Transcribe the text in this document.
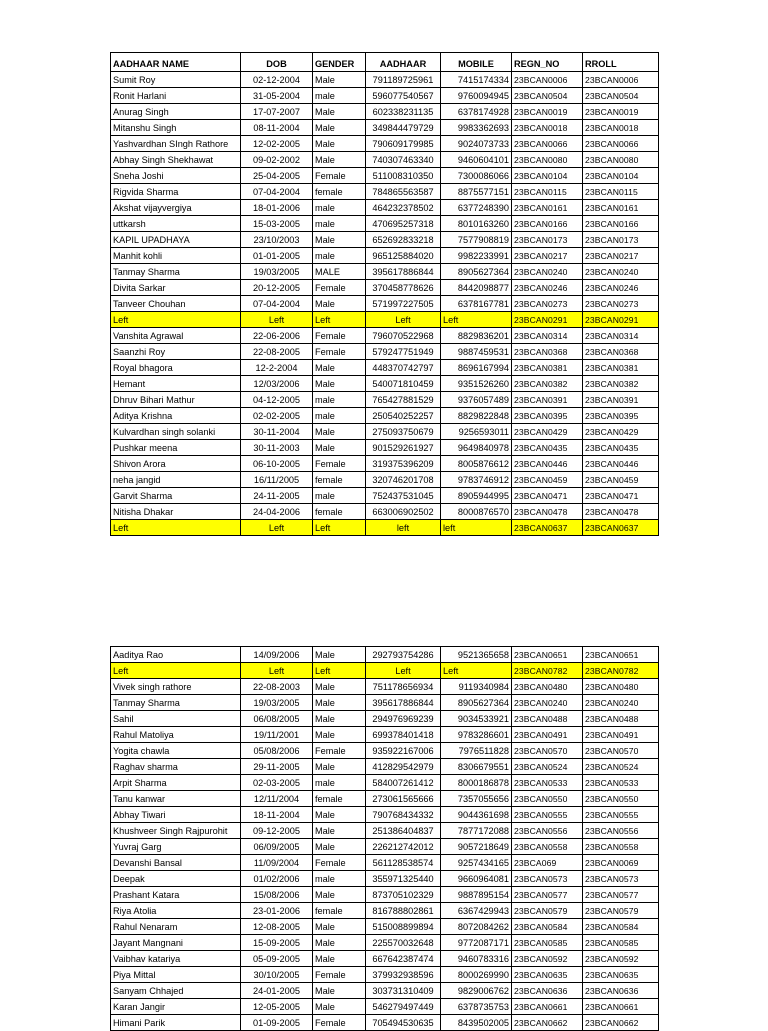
AADHAAR NAME	DOB	GENDER	AADHAAR	MOBILE	REGN_NO	RROLL
Sumit Roy	02-12-2004	Male	791189725961	7415174334	23BCAN0006	23BCAN0006
Ronit Harlani	31-05-2004	male	596077540567	9760094945	23BCAN0504	23BCAN0504
Anurag Singh	17-07-2007	Male	602338231135	6378174928	23BCAN0019	23BCAN0019
Mitanshu Singh	08-11-2004	Male	349844479729	9983362693	23BCAN0018	23BCAN0018
Yashvardhan SIngh Rathore	12-02-2005	Male	790609179985	9024073733	23BCAN0066	23BCAN0066
Abhay Singh Shekhawat	09-02-2002	Male	740307463340	9460604101	23BCAN0080	23BCAN0080
Sneha Joshi	25-04-2005	Female	511008310350	7300086066	23BCAN0104	23BCAN0104
Rigvida Sharma	07-04-2004	female	784865563587	8875577151	23BCAN0115	23BCAN0115
Akshat vijayvergiya	18-01-2006	male	464232378502	6377248390	23BCAN0161	23BCAN0161
uttkarsh	15-03-2005	male	470695257318	8010163260	23BCAN0166	23BCAN0166
KAPIL UPADHAYA	23/10/2003	Male	652692833218	7577908819	23BCAN0173	23BCAN0173
Manhit kohli	01-01-2005	male	965125884020	9982233991	23BCAN0217	23BCAN0217
Tanmay Sharma	19/03/2005	MALE	395617886844	8905627364	23BCAN0240	23BCAN0240
Divita Sarkar	20-12-2005	Female	370458778626	8442098877	23BCAN0246	23BCAN0246
Tanveer Chouhan	07-04-2004	Male	571997227505	6378167781	23BCAN0273	23BCAN0273
Left	Left	Left	Left	Left	23BCAN0291	23BCAN0291
Vanshita Agrawal	22-06-2006	Female	796070522968	8829836201	23BCAN0314	23BCAN0314
Saanzhi Roy	22-08-2005	Female	579247751949	9887459531	23BCAN0368	23BCAN0368
Royal bhagora	12-2-2004	Male	448370742797	8696167994	23BCAN0381	23BCAN0381
Hemant	12/03/2006	Male	540071810459	9351526260	23BCAN0382	23BCAN0382
Dhruv Bihari Mathur	04-12-2005	male	765427881529	9376057489	23BCAN0391	23BCAN0391
Aditya Krishna	02-02-2005	male	250540252257	8829822848	23BCAN0395	23BCAN0395
Kulvardhan singh solanki	30-11-2004	Male	275093750679	9256593011	23BCAN0429	23BCAN0429
Pushkar meena	30-11-2003	Male	901529261927	9649840978	23BCAN0435	23BCAN0435
Shivon Arora	06-10-2005	Female	319375396209	8005876612	23BCAN0446	23BCAN0446
neha jangid	16/11/2005	female	320746201708	9783746912	23BCAN0459	23BCAN0459
Garvit Sharma	24-11-2005	male	752437531045	8905944995	23BCAN0471	23BCAN0471
Nitisha Dhakar	24-04-2006	female	663006902502	8000876570	23BCAN0478	23BCAN0478
Left	Left	Left	left	left	23BCAN0637	23BCAN0637
Aaditya Rao	14/09/2006	Male	292793754286	9521365658	23BCAN0651	23BCAN0651
Left	Left	Left	Left	Left	23BCAN0782	23BCAN0782
Vivek singh rathore	22-08-2003	Male	751178656934	9119340984	23BCAN0480	23BCAN0480
Tanmay Sharma	19/03/2005	Male	395617886844	8905627364	23BCAN0240	23BCAN0240
Sahil	06/08/2005	Male	294976969239	9034533921	23BCAN0488	23BCAN0488
Rahul Matoliya	19/11/2001	Male	699378401418	9783286601	23BCAN0491	23BCAN0491
Yogita chawla	05/08/2006	Female	935922167006	7976511828	23BCAN0570	23BCAN0570
Raghav sharma	29-11-2005	Male	412829542979	8306679551	23BCAN0524	23BCAN0524
Arpit Sharma	02-03-2005	male	584007261412	8000186878	23BCAN0533	23BCAN0533
Tanu kanwar	12/11/2004	female	273061565666	7357055656	23BCAN0550	23BCAN0550
Abhay Tiwari	18-11-2004	Male	790768434332	9044361698	23BCAN0555	23BCAN0555
Khushveer Singh Rajpurohit	09-12-2005	Male	251386404837	7877172088	23BCAN0556	23BCAN0556
Yuvraj Garg	06/09/2005	Male	226212742012	9057218649	23BCAN0558	23BCAN0558
Devanshi Bansal	11/09/2004	Female	561128538574	9257434165	23BCA069	23BCAN0069
Deepak	01/02/2006	male	355971325440	9660964081	23BCAN0573	23BCAN0573
Prashant Katara	15/08/2006	Male	873705102329	9887895154	23BCAN0577	23BCAN0577
Riya Atolia	23-01-2006	female	816788802861	6367429943	23BCAN0579	23BCAN0579
Rahul Nenaram	12-08-2005	Male	515008899894	8072084262	23BCAN0584	23BCAN0584
Jayant Mangnani	15-09-2005	Male	225570032648	9772087171	23BCAN0585	23BCAN0585
Vaibhav katariya	05-09-2005	Male	667642387474	9460783316	23BCAN0592	23BCAN0592
Piya Mittal	30/10/2005	Female	379932938596	8000269990	23BCAN0635	23BCAN0635
Sanyam Chhajed	24-01-2005	Male	303731310409	9829006762	23BCAN0636	23BCAN0636
Karan Jangir	12-05-2005	Male	546279497449	6378735753	23BCAN0661	23BCAN0661
Himani Parik	01-09-2005	Female	705494530635	8439502005	23BCAN0662	23BCAN0662
